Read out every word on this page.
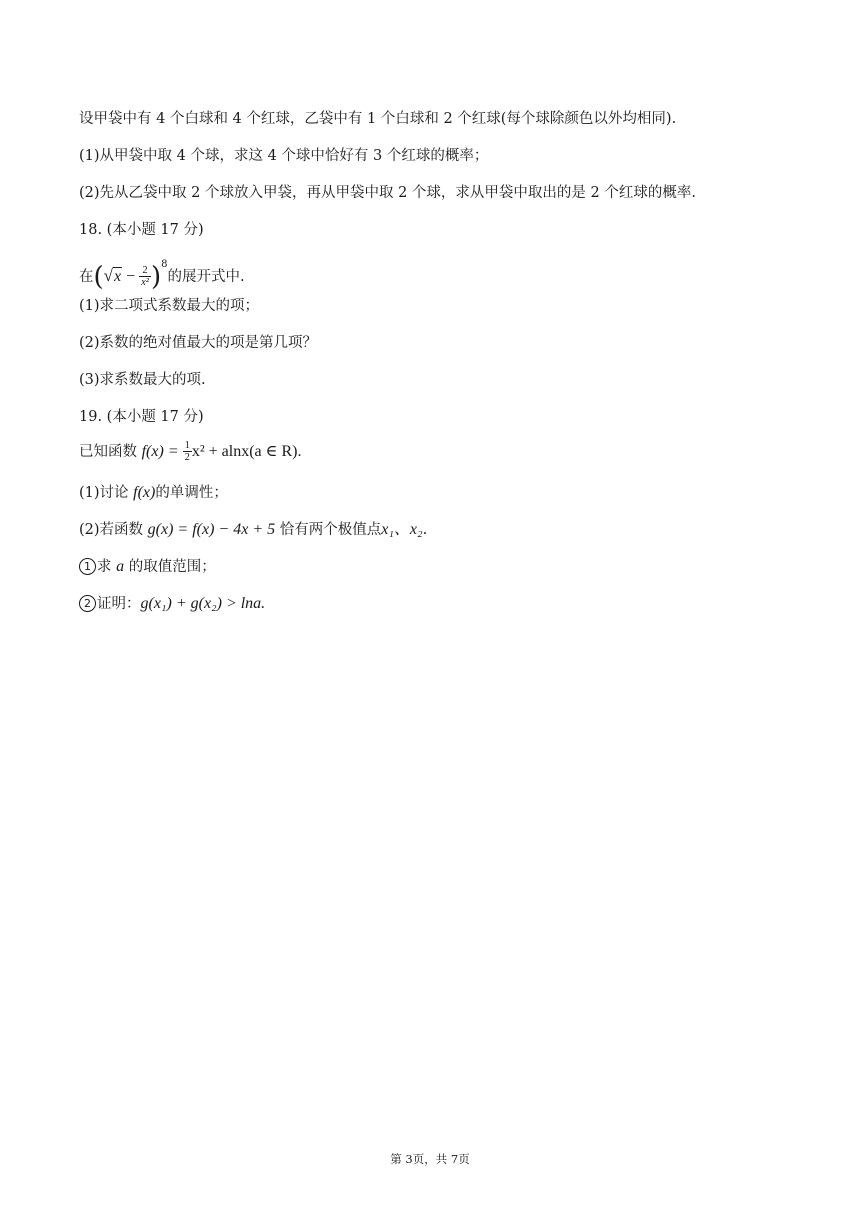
设甲袋中有 4 个白球和 4 个红球，乙袋中有 1 个白球和 2 个红球(每个球除颜色以外均相同).
(1)从甲袋中取 4 个球，求这 4 个球中恰好有 3 个红球的概率；
(2)先从乙袋中取 2 个球放入甲袋，再从甲袋中取 2 个球，求从甲袋中取出的是 2 个红球的概率.
18. (本小题 17 分)
在$(√x - \frac{2}{\text{x²}} )^8$的展开式中.
(1)求二项式系数最大的项；
(2)系数的绝对值最大的项是第几项？
(3)求系数最大的项.
19. (本小题 17 分)
已知函数 $f(x) = \frac{1}{2} x^2 + alnx(a$ ∈ R).
(1)讨论 f(x)的单调性；
(2)若函数 g(x) = f(x) − 4x + 5 恰有两个极值点x₁、x₂.
1 求 a 的取值范围；
2 证明：g(x₁) + g(x₂) > lna.
第 3页，共 7页
